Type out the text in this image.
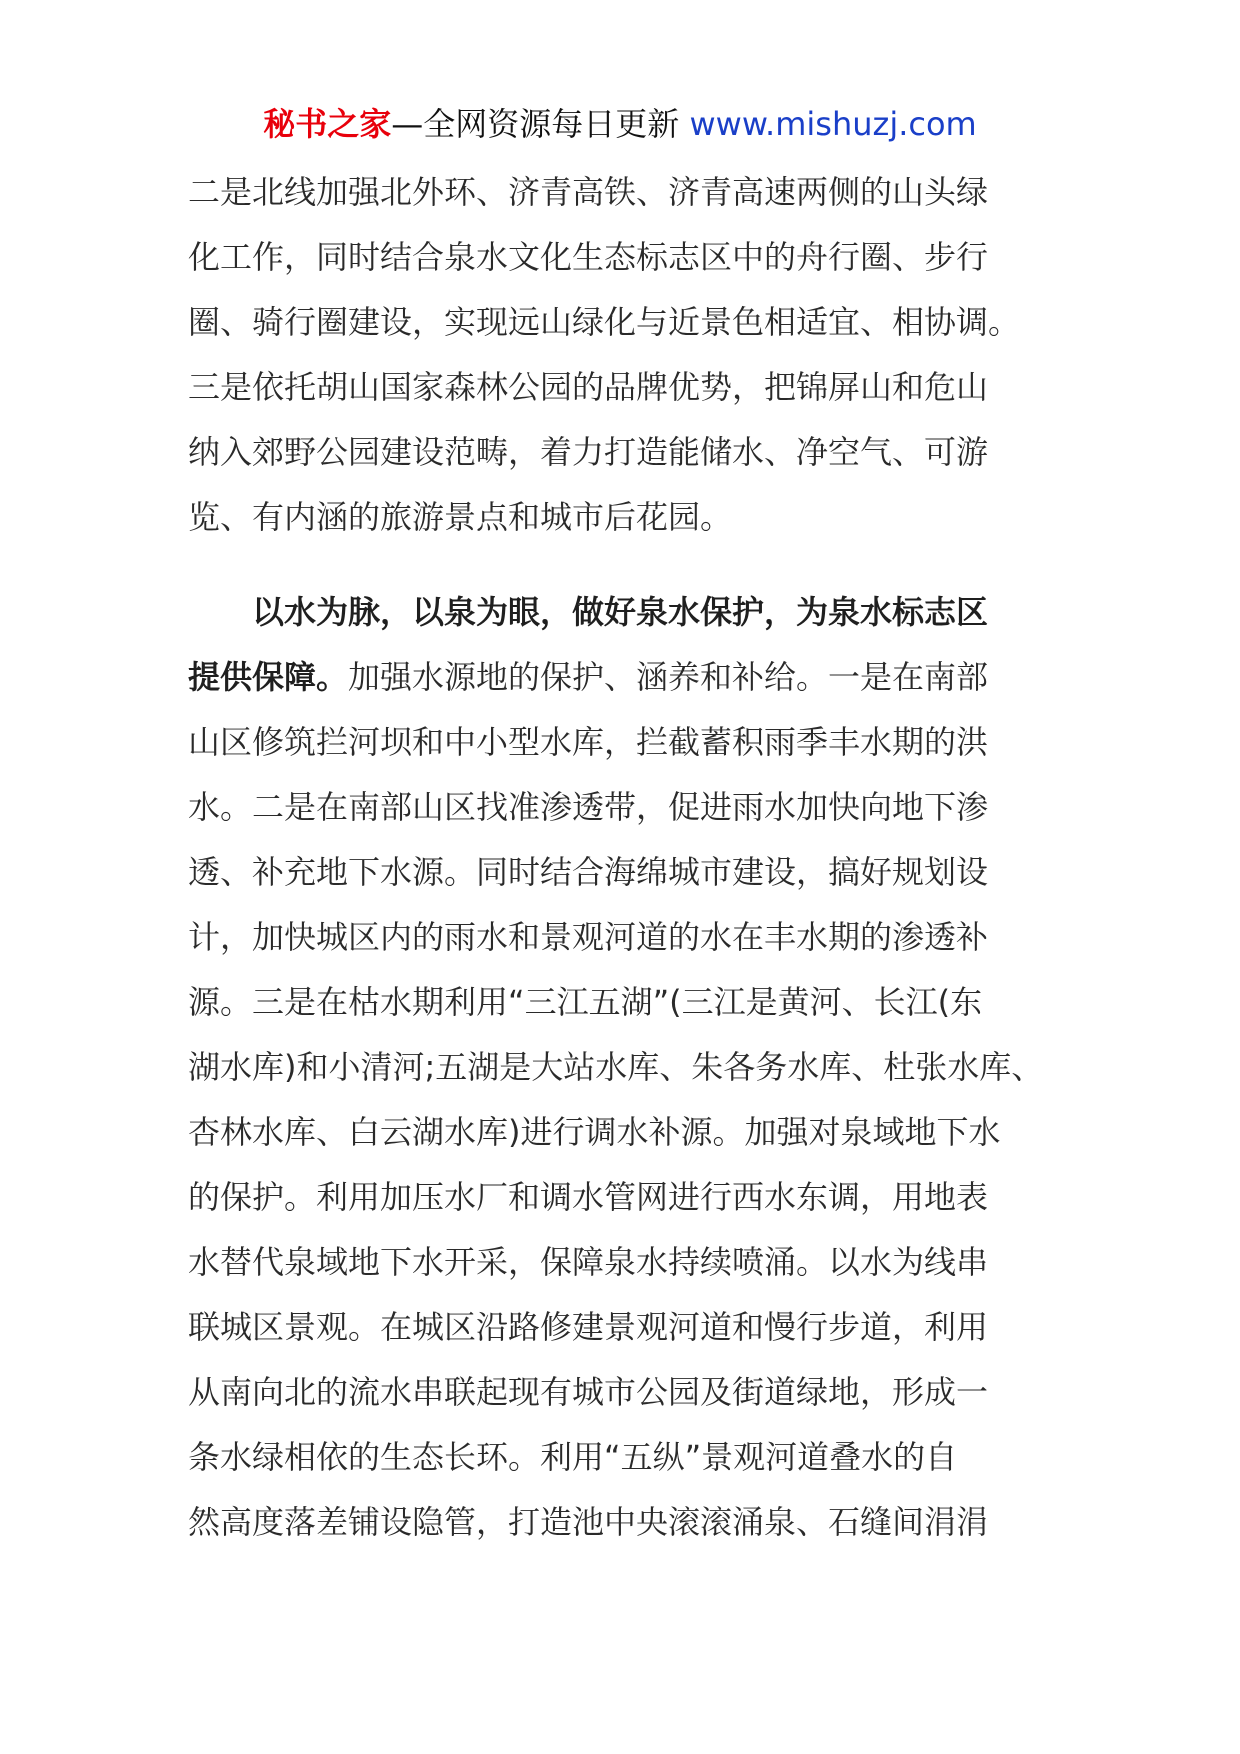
秘书之家—全网资源每日更新 www.mishuzj.com
二是北线加强北外环、济青高铁、济青高速两侧的山头绿
化工作，同时结合泉水文化生态标志区中的舟行圈、步行
圈、骑行圈建设，实现远山绿化与近景色相适宜、相协调。
三是依托胡山国家森林公园的品牌优势，把锦屏山和危山
纳入郊野公园建设范畴，着力打造能储水、净空气、可游
览、有内涵的旅游景点和城市后花园。
以水为脉，以泉为眼，做好泉水保护，为泉水标志区
提供保障。加强水源地的保护、涵养和补给。一是在南部
山区修筑拦河坝和中小型水库，拦截蓄积雨季丰水期的洪
水。二是在南部山区找准渗透带，促进雨水加快向地下渗
透、补充地下水源。同时结合海绵城市建设，搞好规划设
计，加快城区内的雨水和景观河道的水在丰水期的渗透补
源。三是在枯水期利用“三江五湖”(三江是黄河、长江(东
湖水库)和小清河;五湖是大站水库、朱各务水库、杜张水库、
杏林水库、白云湖水库)进行调水补源。加强对泉域地下水
的保护。利用加压水厂和调水管网进行西水东调，用地表
水替代泉域地下水开采，保障泉水持续喷涌。以水为线串
联城区景观。在城区沿路修建景观河道和慢行步道，利用
从南向北的流水串联起现有城市公园及街道绿地，形成一
条水绿相依的生态长环。利用“五纵”景观河道叠水的自
然高度落差铺设隐管，打造池中央滚滚涌泉、石缝间涓涓
